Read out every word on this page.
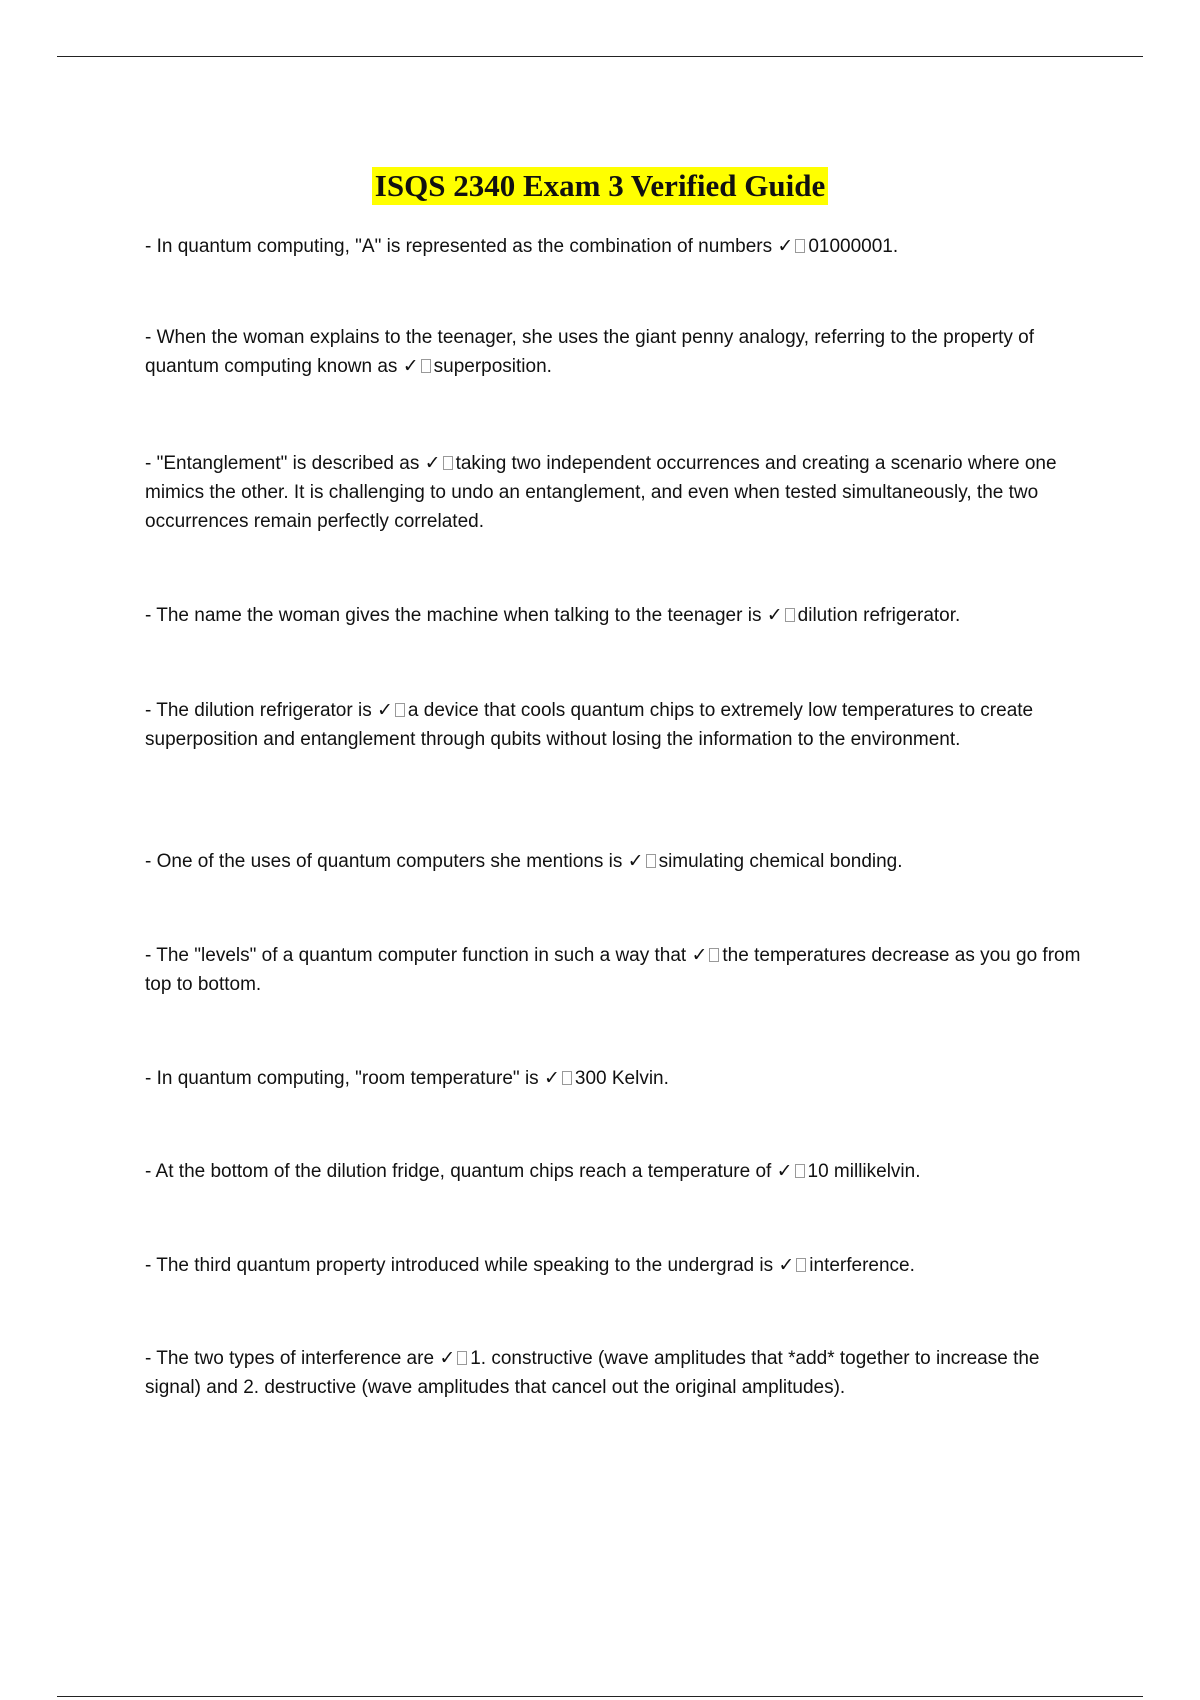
ISQS 2340 Exam 3 Verified Guide

- In quantum computing, "A" is represented as the combination of numbers ✓ 01000001.

- When the woman explains to the teenager, she uses the giant penny analogy, referring to the property of quantum computing known as ✓ superposition.

- "Entanglement" is described as ✓ taking two independent occurrences and creating a scenario where one mimics the other. It is challenging to undo an entanglement, and even when tested simultaneously, the two occurrences remain perfectly correlated.

- The name the woman gives the machine when talking to the teenager is ✓ dilution refrigerator.

- The dilution refrigerator is ✓ a device that cools quantum chips to extremely low temperatures to create superposition and entanglement through qubits without losing the information to the environment.

- One of the uses of quantum computers she mentions is ✓ simulating chemical bonding.

- The "levels" of a quantum computer function in such a way that ✓ the temperatures decrease as you go from top to bottom.

- In quantum computing, "room temperature" is ✓ 300 Kelvin.

- At the bottom of the dilution fridge, quantum chips reach a temperature of ✓ 10 millikelvin.

- The third quantum property introduced while speaking to the undergrad is ✓ interference.

- The two types of interference are ✓ 1. constructive (wave amplitudes that *add* together to increase the signal) and 2. destructive (wave amplitudes that cancel out the original amplitudes).
